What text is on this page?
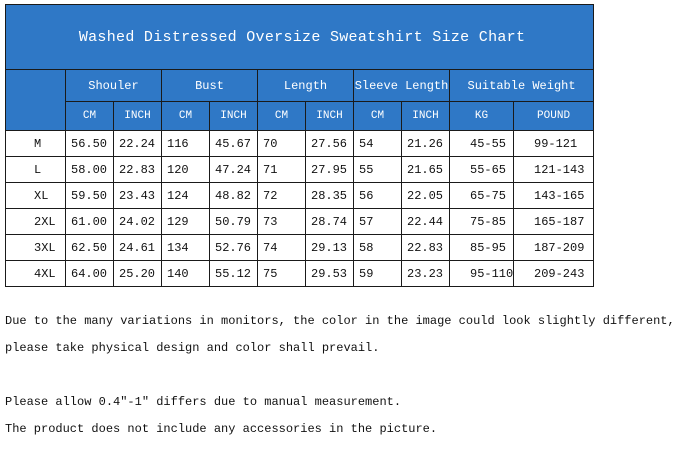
Washed Distressed Oversize Sweatshirt Size Chart										
	Shouler		Bust		Length		Sleeve Length		Suitable Weight	
	CM	INCH	CM	INCH	CM	INCH	CM	INCH	KG	POUND
M	56.50	22.24	116	45.67	70	27.56	54	21.26	45-55	99-121
L	58.00	22.83	120	47.24	71	27.95	55	21.65	55-65	121-143
XL	59.50	23.43	124	48.82	72	28.35	56	22.05	65-75	143-165
2XL	61.00	24.02	129	50.79	73	28.74	57	22.44	75-85	165-187
3XL	62.50	24.61	134	52.76	74	29.13	58	22.83	85-95	187-209
4XL	64.00	25.20	140	55.12	75	29.53	59	23.23	95-110	209-243

Due to the many variations in monitors, the color in the image could look slightly different,

please take physical design and color shall prevail.

Please allow 0.4"-1" differs due to manual measurement.

The product does not include any accessories in the picture.
